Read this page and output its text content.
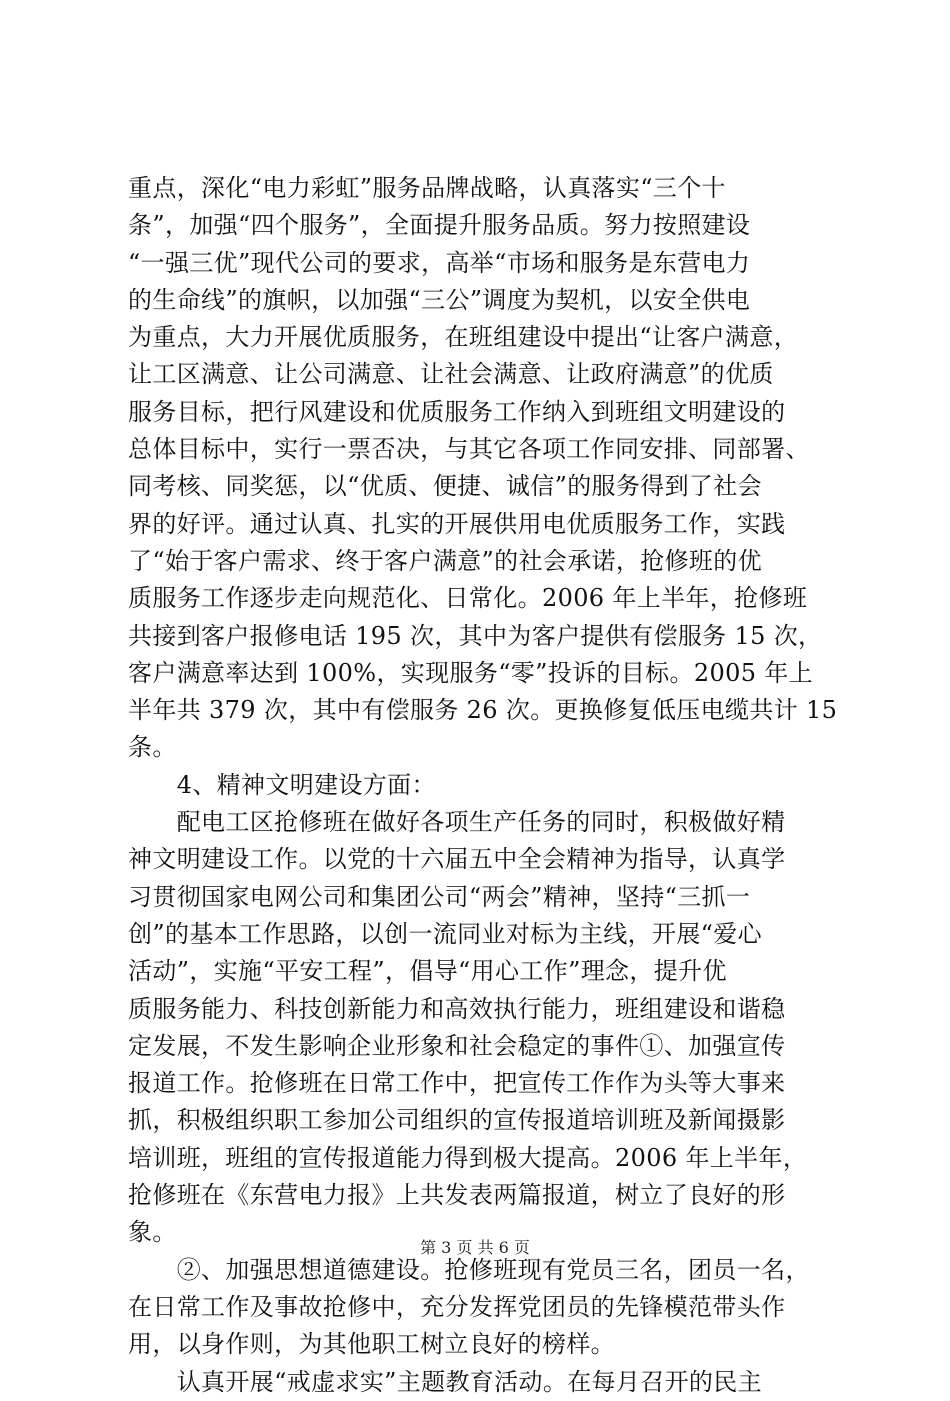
重点，深化“电力彩虹”服务品牌战略，认真落实“三个十
条”，加强“四个服务”，全面提升服务品质。努力按照建设
“一强三优”现代公司的要求，高举“市场和服务是东营电力
的生命线”的旗帜，以加强“三公”调度为契机，以安全供电
为重点，大力开展优质服务，在班组建设中提出“让客户满意，
让工区满意、让公司满意、让社会满意、让政府满意”的优质
服务目标，把行风建设和优质服务工作纳入到班组文明建设的
总体目标中，实行一票否决，与其它各项工作同安排、同部署、
同考核、同奖惩，以“优质、便捷、诚信”的服务得到了社会
界的好评。通过认真、扎实的开展供用电优质服务工作，实践
了“始于客户需求、终于客户满意”的社会承诺，抢修班的优
质服务工作逐步走向规范化、日常化。2006 年上半年，抢修班
共接到客户报修电话 195 次，其中为客户提供有偿服务 15 次，
客户满意率达到 100%，实现服务“零”投诉的目标。2005 年上
半年共 379 次，其中有偿服务 26 次。更换修复低压电缆共计 15
条。
　　4、精神文明建设方面：
　　配电工区抢修班在做好各项生产任务的同时，积极做好精
神文明建设工作。以党的十六届五中全会精神为指导，认真学
习贯彻国家电网公司和集团公司“两会”精神，坚持“三抓一
创”的基本工作思路，以创一流同业对标为主线，开展“爱心
活动”，实施“平安工程”，倡导“用心工作”理念，提升优
质服务能力、科技创新能力和高效执行能力，班组建设和谐稳
定发展，不发生影响企业形象和社会稳定的事件①、加强宣传
报道工作。抢修班在日常工作中，把宣传工作作为头等大事来
抓，积极组织职工参加公司组织的宣传报道培训班及新闻摄影
培训班，班组的宣传报道能力得到极大提高。2006 年上半年，
抢修班在《东营电力报》上共发表两篇报道，树立了良好的形
象。
　　②、加强思想道德建设。抢修班现有党员三名，团员一名，
在日常工作及事故抢修中，充分发挥党团员的先锋模范带头作
用，以身作则，为其他职工树立良好的榜样。
　　认真开展“戒虚求实”主题教育活动。在每月召开的民主
第 3 页 共 6 页
